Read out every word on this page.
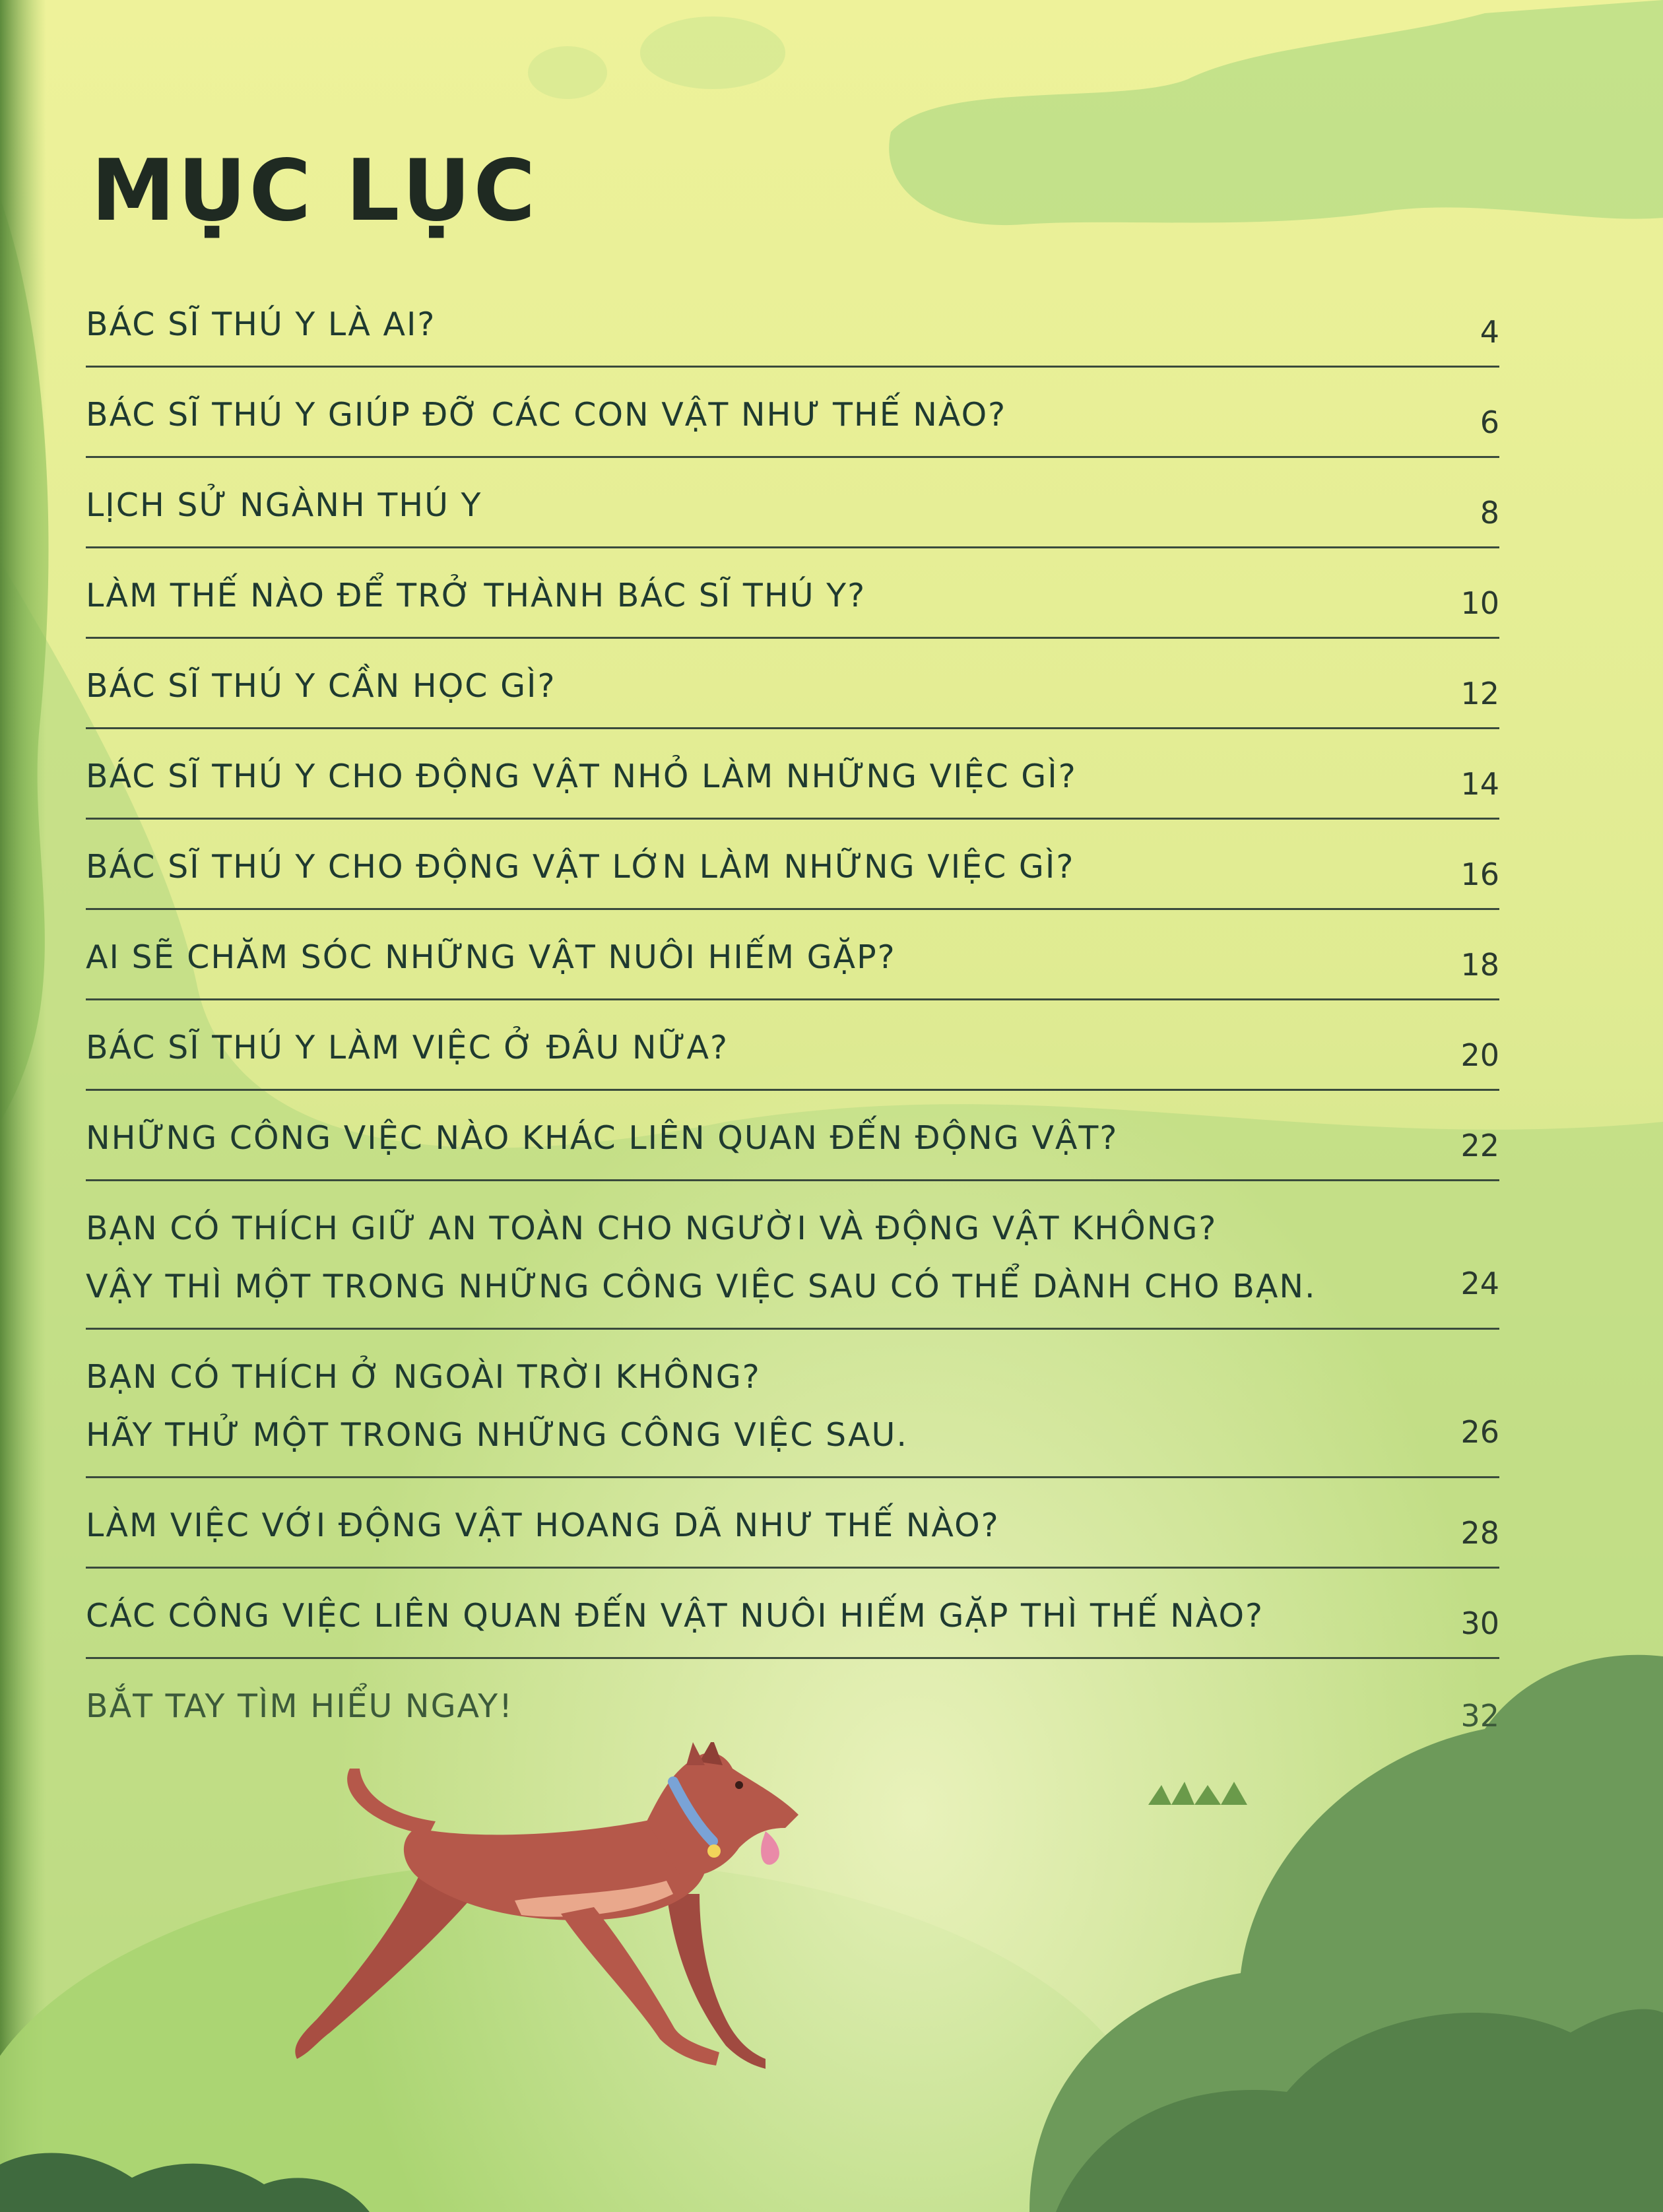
MỤC LỤC
BÁC SĨ THÚ Y LÀ AI?	4
BÁC SĨ THÚ Y GIÚP ĐỠ CÁC CON VẬT NHƯ THẾ NÀO?	6
LỊCH SỬ NGÀNH THÚ Y	8
LÀM THẾ NÀO ĐỂ TRỞ THÀNH BÁC SĨ THÚ Y?	10
BÁC SĨ THÚ Y CẦN HỌC GÌ?	12
BÁC SĨ THÚ Y CHO ĐỘNG VẬT NHỎ LÀM NHỮNG VIỆC GÌ?	14
BÁC SĨ THÚ Y CHO ĐỘNG VẬT LỚN LÀM NHỮNG VIỆC GÌ?	16
AI SẼ CHĂM SÓC NHỮNG VẬT NUÔI HIẾM GẶP?	18
BÁC SĨ THÚ Y LÀM VIỆC Ở ĐÂU NỮA?	20
NHỮNG CÔNG VIỆC NÀO KHÁC LIÊN QUAN ĐẾN ĐỘNG VẬT?	22
BẠN CÓ THÍCH GIỮ AN TOÀN CHO NGƯỜI VÀ ĐỘNG VẬT KHÔNG?
VẬY THÌ MỘT TRONG NHỮNG CÔNG VIỆC SAU CÓ THỂ DÀNH CHO BẠN.	24
BẠN CÓ THÍCH Ở NGOÀI TRỜI KHÔNG?
HÃY THỬ MỘT TRONG NHỮNG CÔNG VIỆC SAU.	26
LÀM VIỆC VỚI ĐỘNG VẬT HOANG DÃ NHƯ THẾ NÀO?	28
CÁC CÔNG VIỆC LIÊN QUAN ĐẾN VẬT NUÔI HIẾM GẶP THÌ THẾ NÀO?	30
BẮT TAY TÌM HIỂU NGAY!	32
